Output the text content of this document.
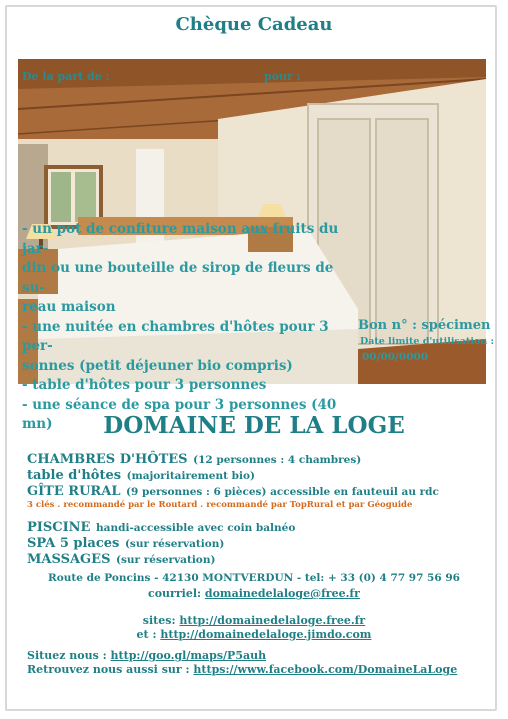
Chèque Cadeau
De la part de :	pour :
- un pot de confiture maison aux fruits du jar-
din ou une bouteille de sirop de fleurs de su-
reau maison
- une nuitée en chambres d'hôtes pour 3 per-
sonnes (petit déjeuner bio compris)
- table d'hôtes pour 3 personnes
- une séance de spa pour 3 personnes (40 mn)
Bon n° : spécimen
Date limite d'utilisation :
00/00/0000
DOMAINE DE LA LOGE
CHAMBRES D'HÔTES (12 personnes : 4 chambres)
table d'hôtes (majoritairement bio)
GÎTE RURAL (9 personnes : 6 pièces) accessible en fauteuil au rdc
3 clés . recommandé par le Routard . recommandé par TopRural et par Géoguide
PISCINE handi-accessible avec coin balnéo
SPA 5 places (sur réservation)
MASSAGES (sur réservation)
Route de Poncins - 42130 MONTVERDUN - tel: + 33 (0) 4 77 97 56 96
courriel: domainedelaloge@free.fr
sites: http://domainedelaloge.free.fr
et : http://domainedelaloge.jimdo.com
Situez nous : http://goo.gl/maps/P5auh
Retrouvez nous aussi sur : https://www.facebook.com/DomaineLaLoge
